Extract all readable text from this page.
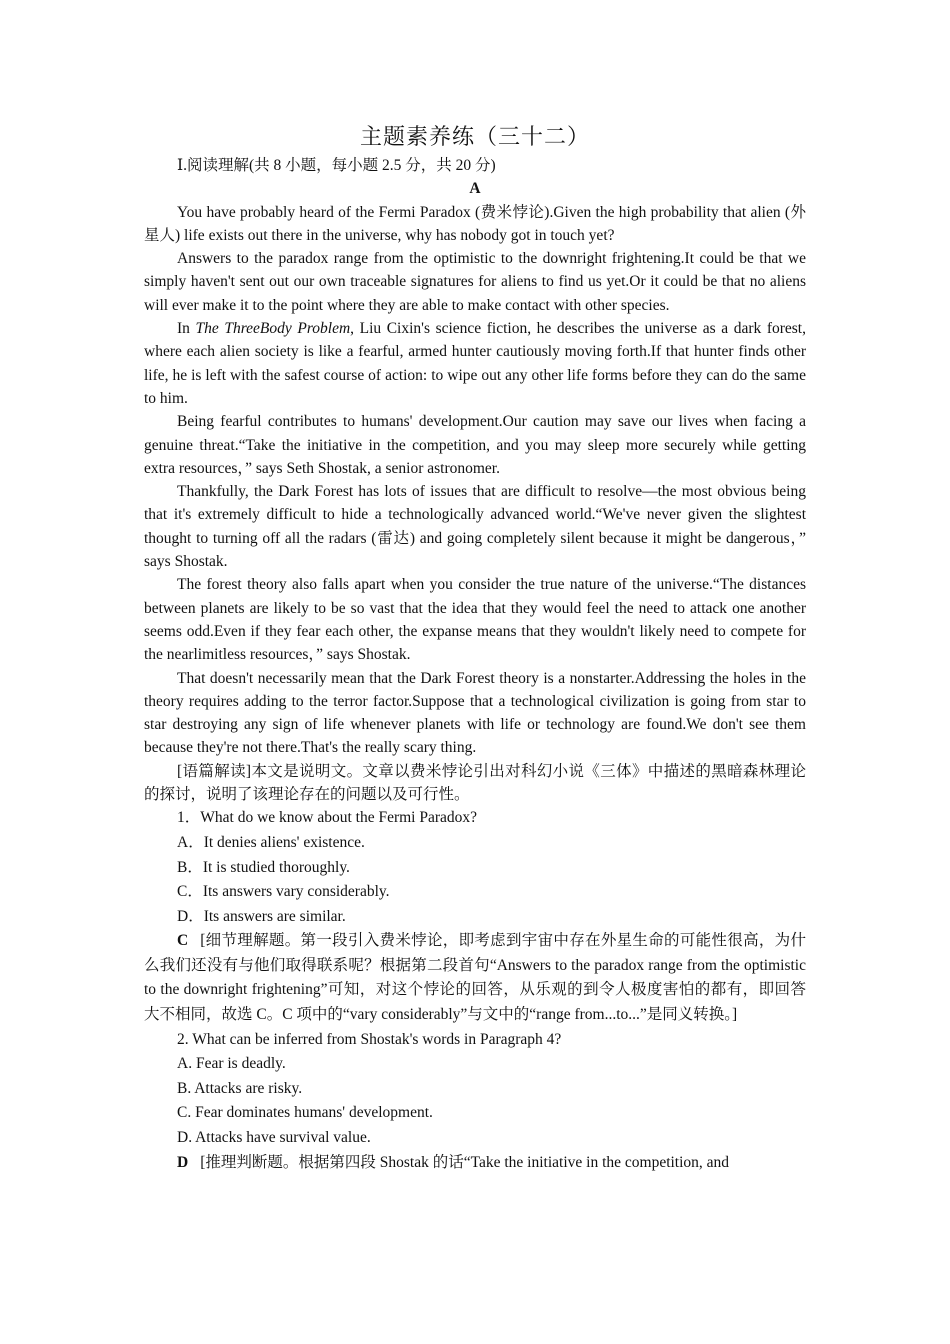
主题素养练（三十二）

Ⅰ.阅读理解(共 8 小题，每小题 2.5 分，共 20 分)

A

You have probably heard of the Fermi Paradox (费米悖论).Given the high probability that alien (外星人) life exists out there in the universe, why has nobody got in touch yet?

Answers to the paradox range from the optimistic to the downright frightening.It could be that we simply haven't sent out our own traceable signatures for aliens to find us yet.Or it could be that no aliens will ever make it to the point where they are able to make contact with other species.

In The ThreeBody Problem, Liu Cixin's science fiction, he describes the universe as a dark forest, where each alien society is like a fearful, armed hunter cautiously moving forth.If that hunter finds other life, he is left with the safest course of action: to wipe out any other life forms before they can do the same to him.

Being fearful contributes to humans' development.Our caution may save our lives when facing a genuine threat.“Take the initiative in the competition, and you may sleep more securely while getting extra resources，” says Seth Shostak, a senior astronomer.

Thankfully, the Dark Forest has lots of issues that are difficult to resolve—the most obvious being that it's extremely difficult to hide a technologically advanced world.“We've never given the slightest thought to turning off all the radars (雷达) and going completely silent because it might be dangerous，” says Shostak.

The forest theory also falls apart when you consider the true nature of the universe.“The distances between planets are likely to be so vast that the idea that they would feel the need to attack one another seems odd.Even if they fear each other, the expanse means that they wouldn't likely need to compete for the nearlimitless resources，” says Shostak.

That doesn't necessarily mean that the Dark Forest theory is a nonstarter.Addressing the holes in the theory requires adding to the terror factor.Suppose that a technological civilization is going from star to star destroying any sign of life whenever planets with life or technology are found.We don't see them because they're not there.That's the really scary thing.

[语篇解读]本文是说明文。文章以费米悖论引出对科幻小说《三体》中描述的黑暗森林理论的探讨，说明了该理论存在的问题以及可行性。

1．What do we know about the Fermi Paradox?

A．It denies aliens' existence.

B．It is studied thoroughly.

C．Its answers vary considerably.

D．Its answers are similar.

C [细节理解题。第一段引入费米悖论，即考虑到宇宙中存在外星生命的可能性很高，为什么我们还没有与他们取得联系呢？根据第二段首句“Answers to the paradox range from the optimistic to the downright frightening”可知，对这个悖论的回答，从乐观的到令人极度害怕的都有，即回答大不相同，故选 C。C 项中的“vary considerably”与文中的“range from...to...”是同义转换。]

2. What can be inferred from Shostak's words in Paragraph 4?

A. Fear is deadly.

B. Attacks are risky.

C. Fear dominates humans' development.

D. Attacks have survival value.

D [推理判断题。根据第四段 Shostak 的话“Take the initiative in the competition, and
